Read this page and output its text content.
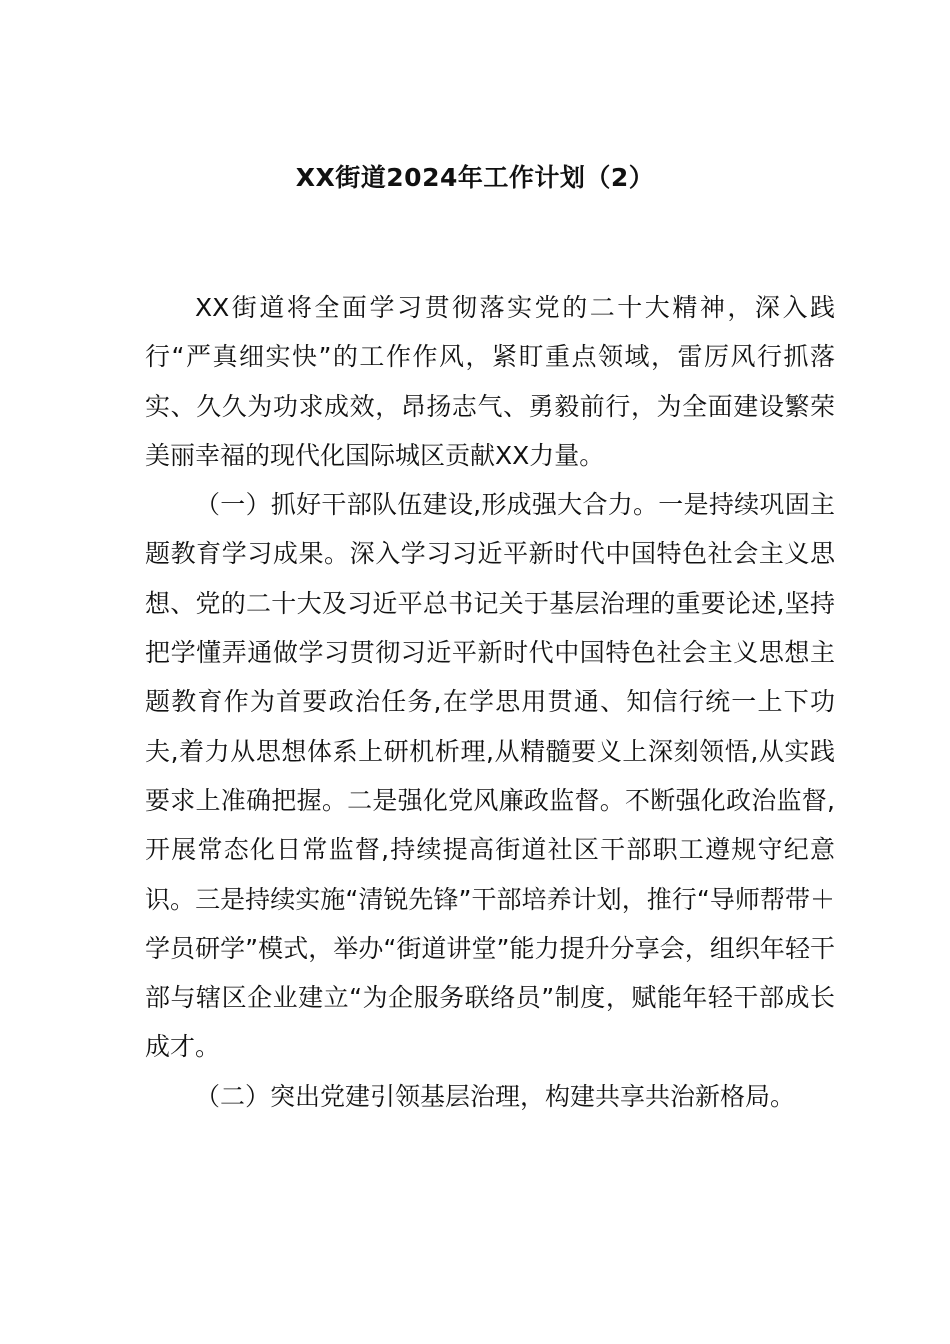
XX街道2024年工作计划（2）

XX街道将全面学习贯彻落实党的二十大精神，深入践行“严真细实快”的工作作风，紧盯重点领域，雷厉风行抓落实、久久为功求成效，昂扬志气、勇毅前行，为全面建设繁荣美丽幸福的现代化国际城区贡献XX力量。

（一）抓好干部队伍建设,形成强大合力。一是持续巩固主题教育学习成果。深入学习习近平新时代中国特色社会主义思想、党的二十大及习近平总书记关于基层治理的重要论述,坚持把学懂弄通做学习贯彻习近平新时代中国特色社会主义思想主题教育作为首要政治任务,在学思用贯通、知信行统一上下功夫,着力从思想体系上研机析理,从精髓要义上深刻领悟,从实践要求上准确把握。二是强化党风廉政监督。不断强化政治监督,开展常态化日常监督,持续提高街道社区干部职工遵规守纪意识。三是持续实施“清锐先锋”干部培养计划，推行“导师帮带＋学员研学”模式，举办“街道讲堂”能力提升分享会，组织年轻干部与辖区企业建立“为企服务联络员”制度，赋能年轻干部成长成才。

（二）突出党建引领基层治理，构建共享共治新格局。
